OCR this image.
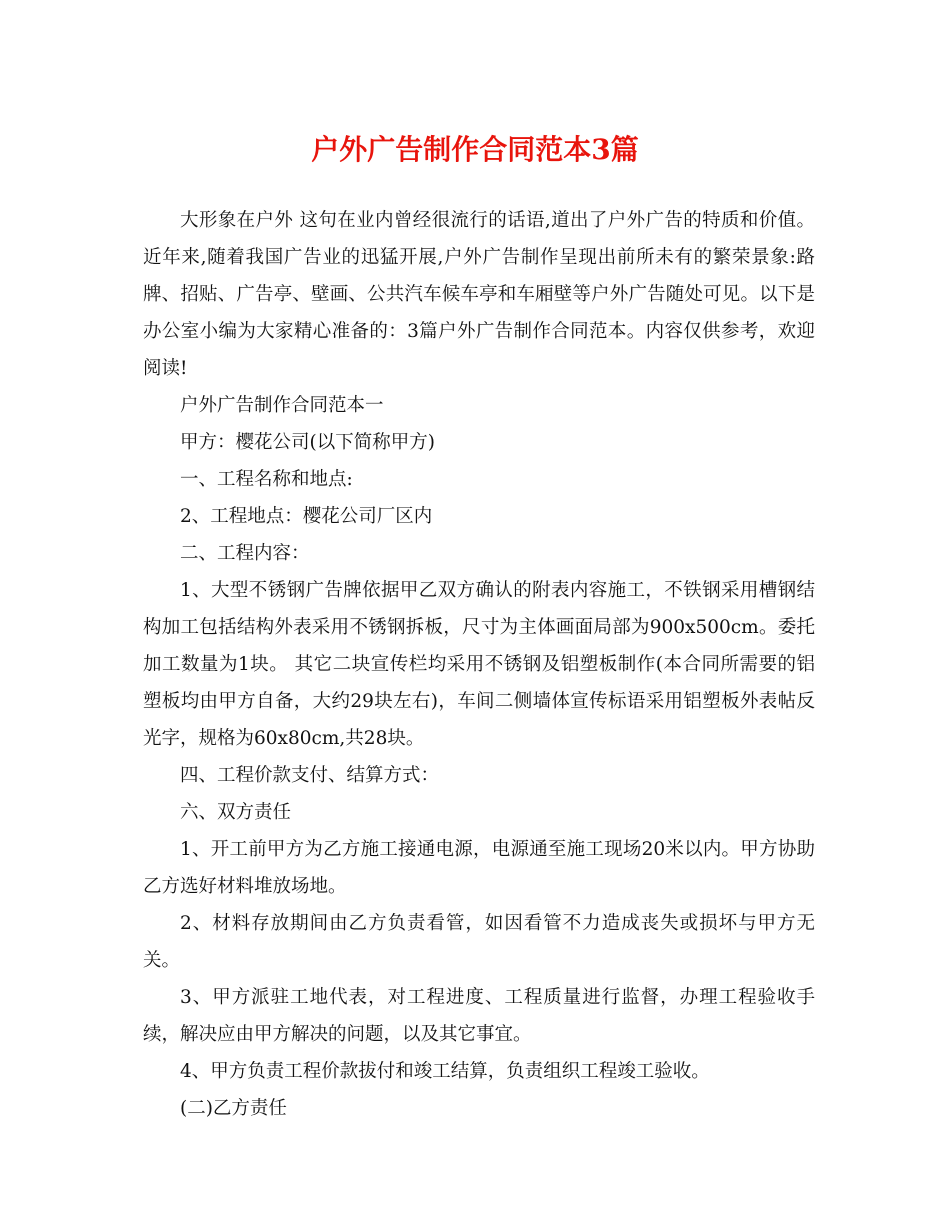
户外广告制作合同范本3篇

大形象在户外 这句在业内曾经很流行的话语,道出了户外广告的特质和价值。近年来,随着我国广告业的迅猛开展,户外广告制作呈现出前所未有的繁荣景象:路牌、招贴、广告亭、壁画、公共汽车候车亭和车厢壁等户外广告随处可见。以下是办公室小编为大家精心准备的：3篇户外广告制作合同范本。内容仅供参考，欢迎阅读!

户外广告制作合同范本一

甲方：樱花公司(以下简称甲方)

一、工程名称和地点:

2、工程地点：樱花公司厂区内

二、工程内容：

1、大型不锈钢广告牌依据甲乙双方确认的附表内容施工，不铁钢采用槽钢结构加工包括结构外表采用不锈钢拆板，尺寸为主体画面局部为900x500cm。委托加工数量为1块。 其它二块宣传栏均采用不锈钢及铝塑板制作(本合同所需要的铝塑板均由甲方自备，大约29块左右)，车间二侧墙体宣传标语采用铝塑板外表帖反光字，规格为60x80cm,共28块。

四、工程价款支付、结算方式：

六、双方责任

1、开工前甲方为乙方施工接通电源，电源通至施工现场20米以内。甲方协助乙方选好材料堆放场地。

2、材料存放期间由乙方负责看管，如因看管不力造成丧失或损坏与甲方无关。

3、甲方派驻工地代表，对工程进度、工程质量进行监督，办理工程验收手续，解决应由甲方解决的问题，以及其它事宜。

4、甲方负责工程价款拔付和竣工结算，负责组织工程竣工验收。

(二)乙方责任
